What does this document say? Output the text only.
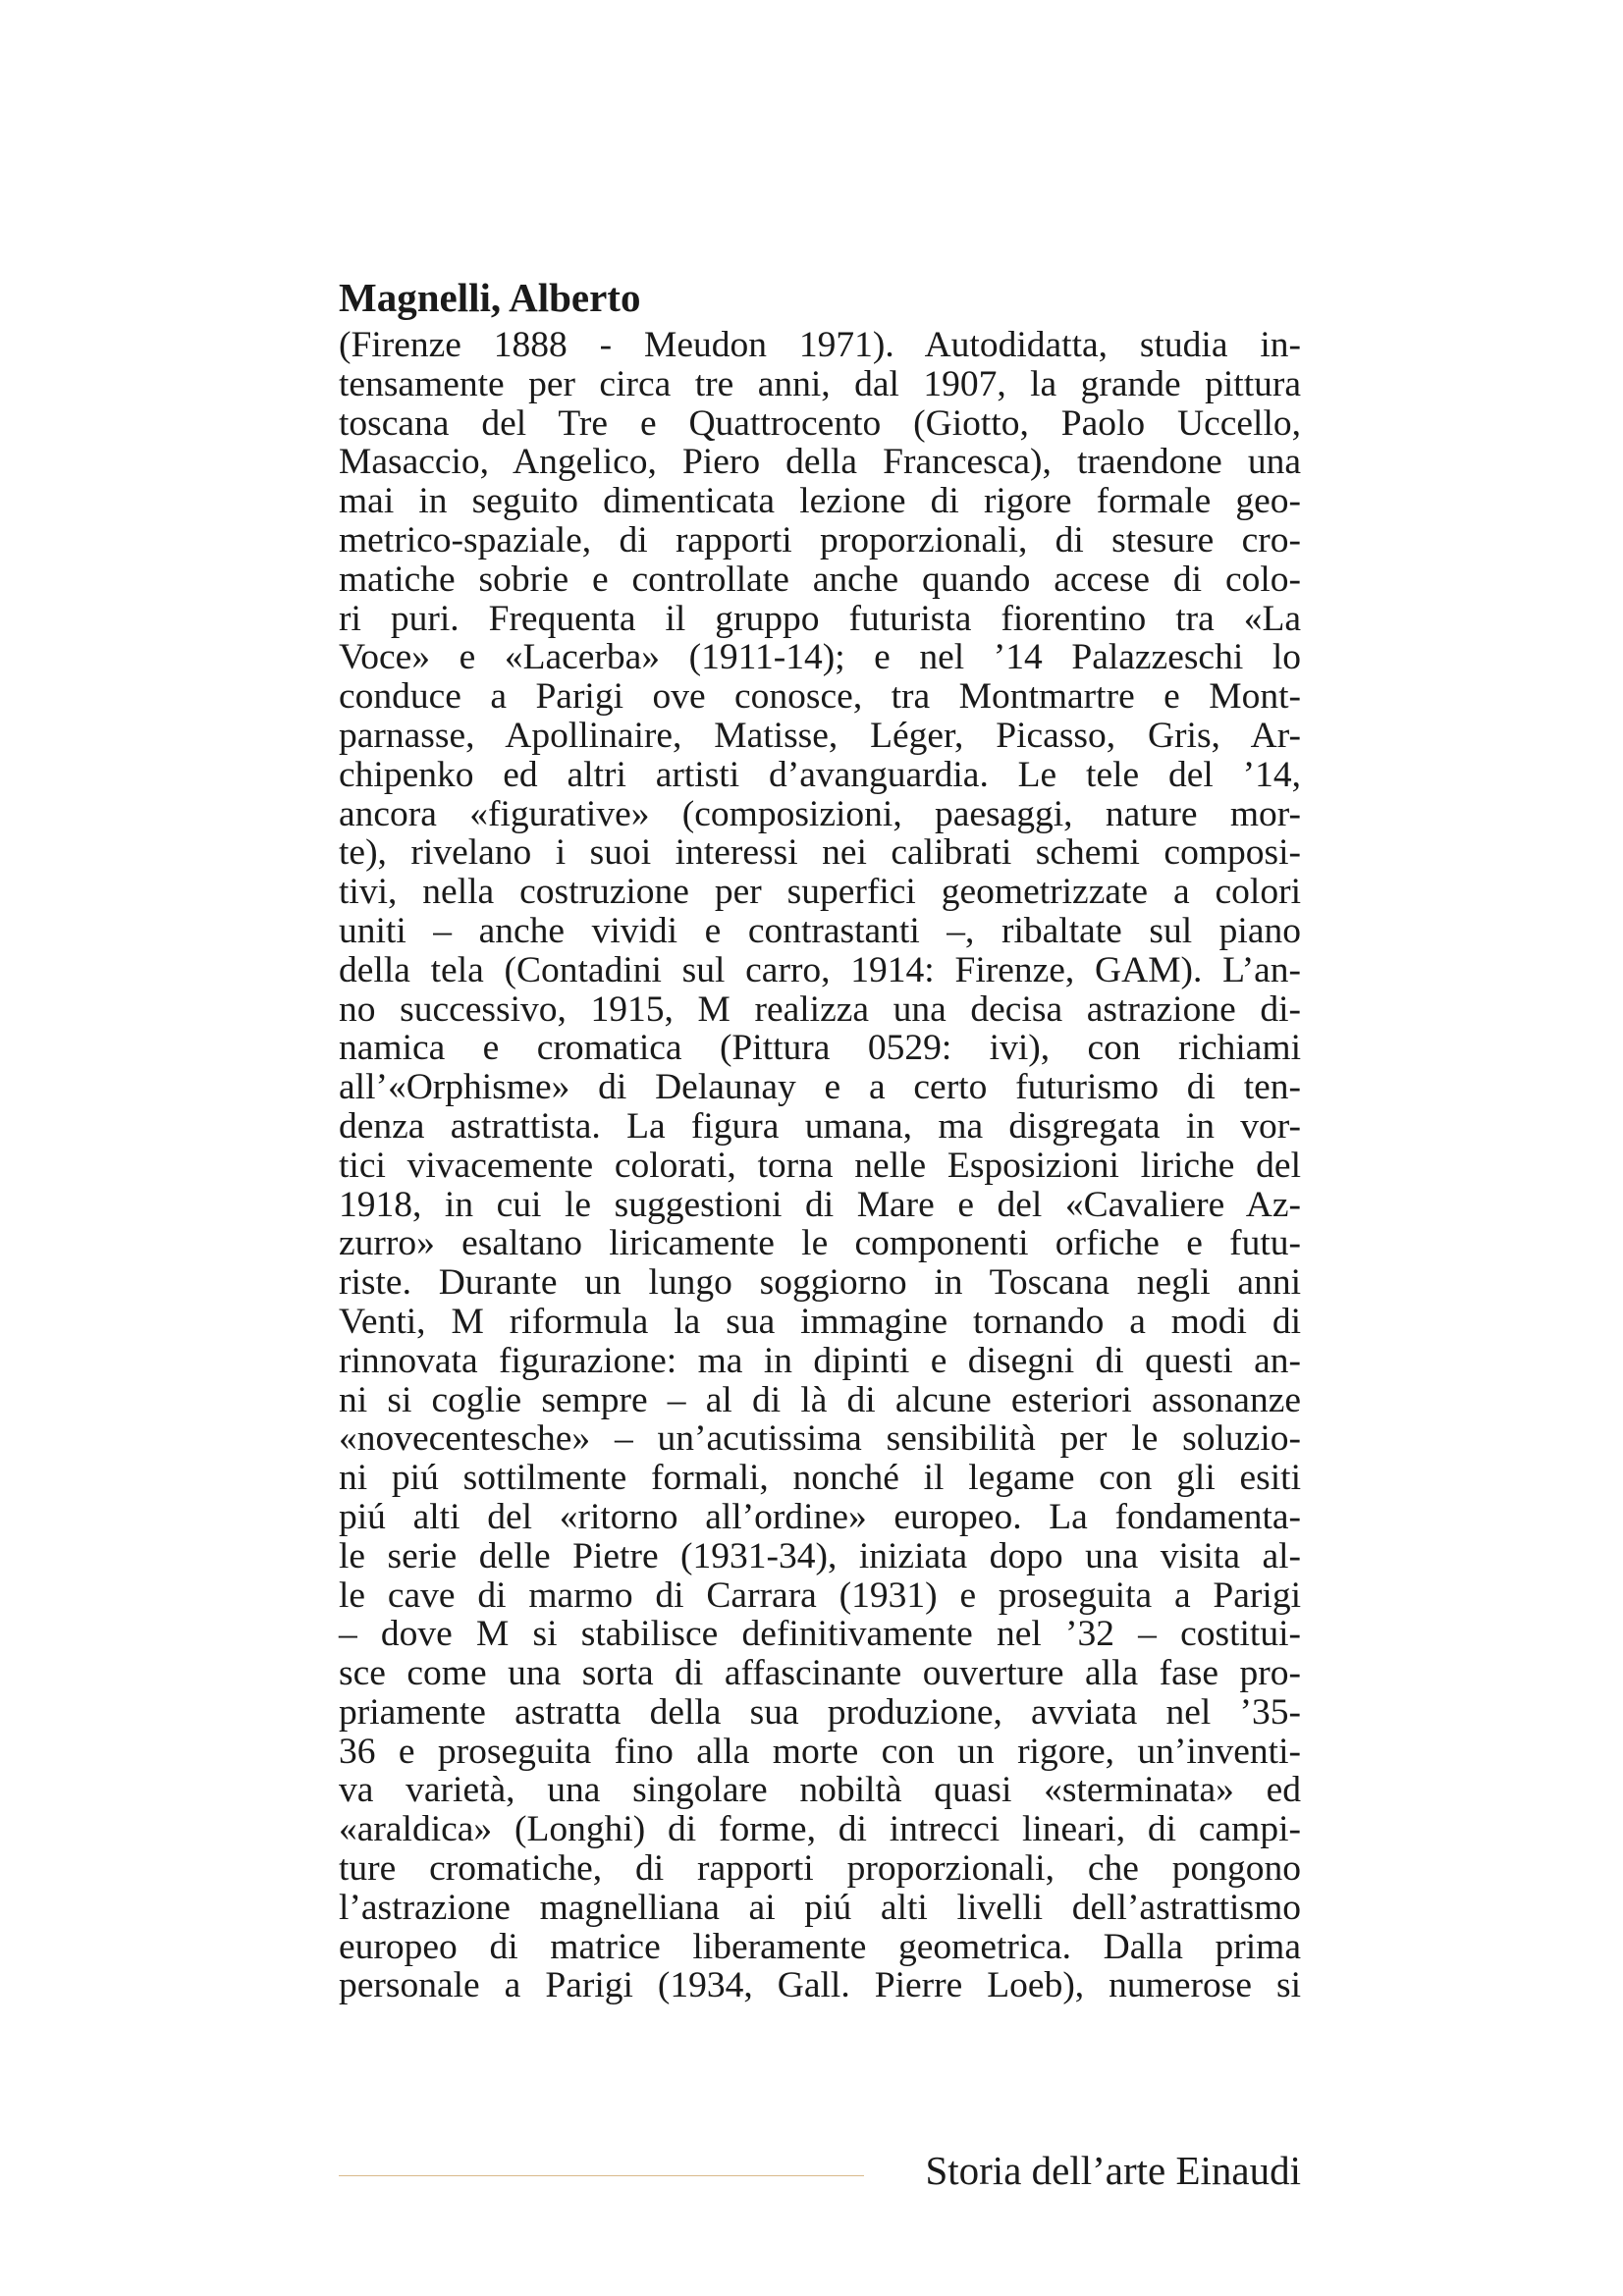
Magnelli, Alberto
(Firenze 1888 - Meudon 1971). Autodidatta, studia in-
tensamente per circa tre anni, dal 1907, la grande pittura
toscana del Tre e Quattrocento (Giotto, Paolo Uccello,
Masaccio, Angelico, Piero della Francesca), traendone una
mai in seguito dimenticata lezione di rigore formale geo-
metrico-spaziale, di rapporti proporzionali, di stesure cro-
matiche sobrie e controllate anche quando accese di colo-
ri puri. Frequenta il gruppo futurista fiorentino tra «La
Voce» e «Lacerba» (1911-14); e nel ’14 Palazzeschi lo
conduce a Parigi ove conosce, tra Montmartre e Mont-
parnasse, Apollinaire, Matisse, Léger, Picasso, Gris, Ar-
chipenko ed altri artisti d’avanguardia. Le tele del ’14,
ancora «figurative» (composizioni, paesaggi, nature mor-
te), rivelano i suoi interessi nei calibrati schemi composi-
tivi, nella costruzione per superfici geometrizzate a colori
uniti – anche vividi e contrastanti –, ribaltate sul piano
della tela (Contadini sul carro, 1914: Firenze, GAM). L’an-
no successivo, 1915, M realizza una decisa astrazione di-
namica e cromatica (Pittura 0529: ivi), con richiami
all’«Orphisme» di Delaunay e a certo futurismo di ten-
denza astrattista. La figura umana, ma disgregata in vor-
tici vivacemente colorati, torna nelle Esposizioni liriche del
1918, in cui le suggestioni di Mare e del «Cavaliere Az-
zurro» esaltano liricamente le componenti orfiche e futu-
riste. Durante un lungo soggiorno in Toscana negli anni
Venti, M riformula la sua immagine tornando a modi di
rinnovata figurazione: ma in dipinti e disegni di questi an-
ni si coglie sempre – al di là di alcune esteriori assonanze
«novecentesche» – un’acutissima sensibilità per le soluzio-
ni piú sottilmente formali, nonché il legame con gli esiti
piú alti del «ritorno all’ordine» europeo. La fondamenta-
le serie delle Pietre (1931-34), iniziata dopo una visita al-
le cave di marmo di Carrara (1931) e proseguita a Parigi
– dove M si stabilisce definitivamente nel ’32 – costitui-
sce come una sorta di affascinante ouverture alla fase pro-
priamente astratta della sua produzione, avviata nel ’35-
36 e proseguita fino alla morte con un rigore, un’inventi-
va varietà, una singolare nobiltà quasi «sterminata» ed
«araldica» (Longhi) di forme, di intrecci lineari, di campi-
ture cromatiche, di rapporti proporzionali, che pongono
l’astrazione magnelliana ai piú alti livelli dell’astrattismo
europeo di matrice liberamente geometrica. Dalla prima
personale a Parigi (1934, Gall. Pierre Loeb), numerose si
Storia dell’arte Einaudi
